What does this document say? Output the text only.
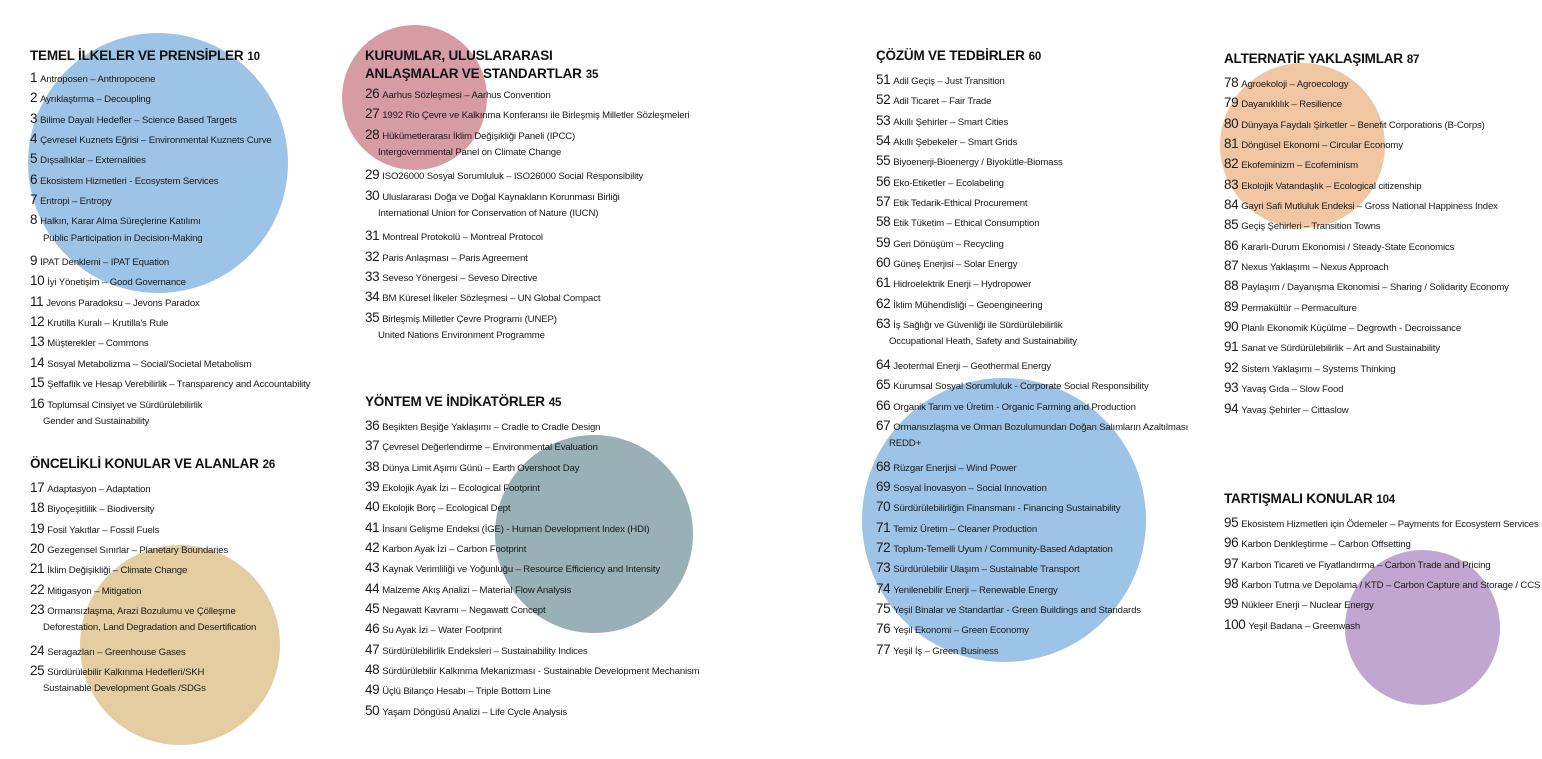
TEMEL İLKELER VE PRENSİPLER 10
1 Antroposen – Anthropocene
2 Ayrıklaştırma – Decoupling
3 Bilime Dayalı Hedefler – Science Based Targets
4 Çevresel Kuznets Eğrisi – Environmental Kuznets Curve
5 Dışsallıklar – Externalities
6 Ekosistem Hizmetleri - Ecosystem Services
7 Entropi – Entropy
8 Halkın, Karar Alma Süreçlerine Katılımı
Public Participation in Decision-Making
9 IPAT Denklemi – IPAT Equation
10 İyi Yönetişim – Good Governance
11 Jevons Paradoksu – Jevons Paradox
12 Krutilla Kuralı – Krutilla's Rule
13 Müşterekler – Commons
14 Sosyal Metabolizma – Social/Societal Metabolism
15 Şeffaflık ve Hesap Verebilirlik – Transparency and Accountability
16 Toplumsal Cinsiyet ve Sürdürülebilirlik
Gender and Sustainability
ÖNCELİKLİ KONULAR VE ALANLAR 26
17 Adaptasyon – Adaptation
18 Biyoçeşitlilik – Biodiversity
19 Fosil Yakıtlar – Fossil Fuels
20 Gezegensel Sınırlar – Planetary Boundaries
21 İklim Değişikliği – Climate Change
22 Mitigasyon – Mitigation
23 Ormansızlaşma, Arazi Bozulumu ve Çölleşme
Deforestation, Land Degradation and Desertification
24 Seragazları – Greenhouse Gases
25 Sürdürülebilir Kalkınma Hedefleri/SKH
Sustainable Development Goals /SDGs
KURUMLAR, ULUSLARARASI
ANLAŞMALAR VE STANDARTLAR 35
26 Aarhus Sözleşmesi – Aarhus Convention
27 1992 Rio Çevre ve Kalkınma Konferansı ile Birleşmiş Milletler Sözleşmeleri
28 Hükümetlerarası İklim Değişikliği Paneli (IPCC)
Intergovernmental Panel on Climate Change
29 ISO26000 Sosyal Sorumluluk – ISO26000 Social Responsibility
30 Uluslararası Doğa ve Doğal Kaynakların Korunması Birliği
International Union for Conservation of Nature (IUCN)
31 Montreal Protokolü – Montreal Protocol
32 Paris Anlaşması – Paris Agreement
33 Seveso Yönergesi – Seveso Directive
34 BM Küresel İlkeler Sözleşmesi – UN Global Compact
35 Birleşmiş Milletler Çevre Programı (UNEP)
United Nations Environment Programme
YÖNTEM VE İNDİKATÖRLER 45
36 Beşikten Beşiğe Yaklaşımı – Cradle to Cradle Design
37 Çevresel Değerlendirme – Environmental Evaluation
38 Dünya Limit Aşımı Günü – Earth Overshoot Day
39 Ekolojik Ayak İzi – Ecological Footprint
40 Ekolojik Borç – Ecological Dept
41 İnsani Gelişme Endeksi (İGE) - Human Development Index (HDI)
42 Karbon Ayak İzi – Carbon Footprint
43 Kaynak Verimliliği ve Yoğunluğu – Resource Efficiency and Intensity
44 Malzeme Akış Analizi – Material Flow Analysis
45 Negawatt Kavramı – Negawatt Concept
46 Su Ayak İzi – Water Footprint
47 Sürdürülebilirlik Endeksleri – Sustainability Indices
48 Sürdürülebilir Kalkınma Mekanizması - Sustainable Development Mechanism
49 Üçlü Bilanço Hesabı – Triple Bottom Line
50 Yaşam Döngüsü Analizi – Life Cycle Analysis
ÇÖZÜM VE TEDBİRLER 60
51 Adil Geçiş – Just Transition
52 Adil Ticaret – Fair Trade
53 Akıllı Şehirler – Smart Cities
54 Akıllı Şebekeler – Smart Grids
55 Biyoenerji-Bioenergy / Biyokütle-Biomass
56 Eko-Etiketler – Ecolabeling
57 Etik Tedarik-Ethical Procurement
58 Etik Tüketim – Ethical Consumption
59 Geri Dönüşüm – Recycling
60 Güneş Enerjisi – Solar Energy
61 Hidroelektrik Enerji – Hydropower
62 İklim Mühendisliği – Geoengineering
63 İş Sağlığı ve Güvenliği ile Sürdürülebilirlik
Occupational Heath, Safety and Sustainability
64 Jeotermal Enerji – Geothermal Energy
65 Kurumsal Sosyal Sorumluluk - Corporate Social Responsibility
66 Organik Tarım ve Üretim - Organic Farming and Production
67 Ormansızlaşma ve Orman Bozulumundan Doğan Salımların Azaltılması
REDD+
68 Rüzgar Enerjisi – Wind Power
69 Sosyal İnovasyon – Social Innovation
70 Sürdürülebilirliğin Finansmanı - Financing Sustainability
71 Temiz Üretim – Cleaner Production
72 Toplum-Temelli Uyum / Community-Based Adaptation
73 Sürdürülebilir Ulaşım – Sustainable Transport
74 Yenilenebilir Enerji – Renewable Energy
75 Yeşil Binalar ve Standartlar - Green Buildings and Standards
76 Yeşil Ekonomi – Green Economy
77 Yeşil İş – Green Business
ALTERNATİF YAKLAŞIMLAR 87
78 Agroekoloji – Agroecology
79 Dayanıklılık – Resilience
80 Dünyaya Faydalı Şirketler – Benefit Corporations (B-Corps)
81 Döngüsel Ekonomi – Circular Economy
82 Ekofeminizm – Ecofeminism
83 Ekolojik Vatandaşlık – Ecological citizenship
84 Gayri Safi Mutluluk Endeksi – Gross National Happiness Index
85 Geçiş Şehirleri – Transition Towns
86 Kararlı-Durum Ekonomisi / Steady-State Economics
87 Nexus Yaklaşımı – Nexus Approach
88 Paylaşım / Dayanışma Ekonomisi – Sharing / Solidarity Economy
89 Permakültür – Permaculture
90 Planlı Ekonomik Küçülme – Degrowth - Decroissance
91 Sanat ve Sürdürülebilirlik – Art and Sustainability
92 Sistem Yaklaşımı – Systems Thinking
93 Yavaş Gıda – Slow Food
94 Yavaş Şehirler – Cittaslow
TARTIŞMALI KONULAR 104
95 Ekosistem Hizmetleri için Ödemeler – Payments for Ecosystem Services
96 Karbon Denkleştirme – Carbon Offsetting
97 Karbon Ticareti ve Fiyatlandırma – Carbon Trade and Pricing
98 Karbon Tutma ve Depolama / KTD – Carbon Capture and Storage / CCS
99 Nükleer Enerji – Nuclear Energy
100 Yeşil Badana – Greenwash
